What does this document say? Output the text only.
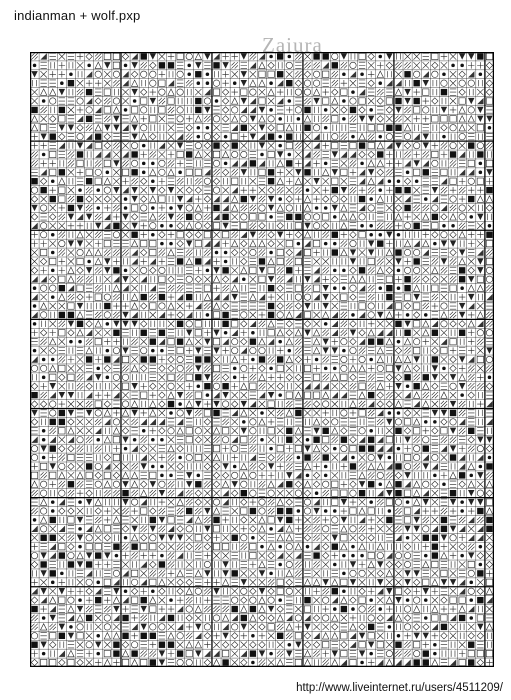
indianman + wolf.pxp
Zaiura
http://www.liveinternet.ru/users/4511209/
